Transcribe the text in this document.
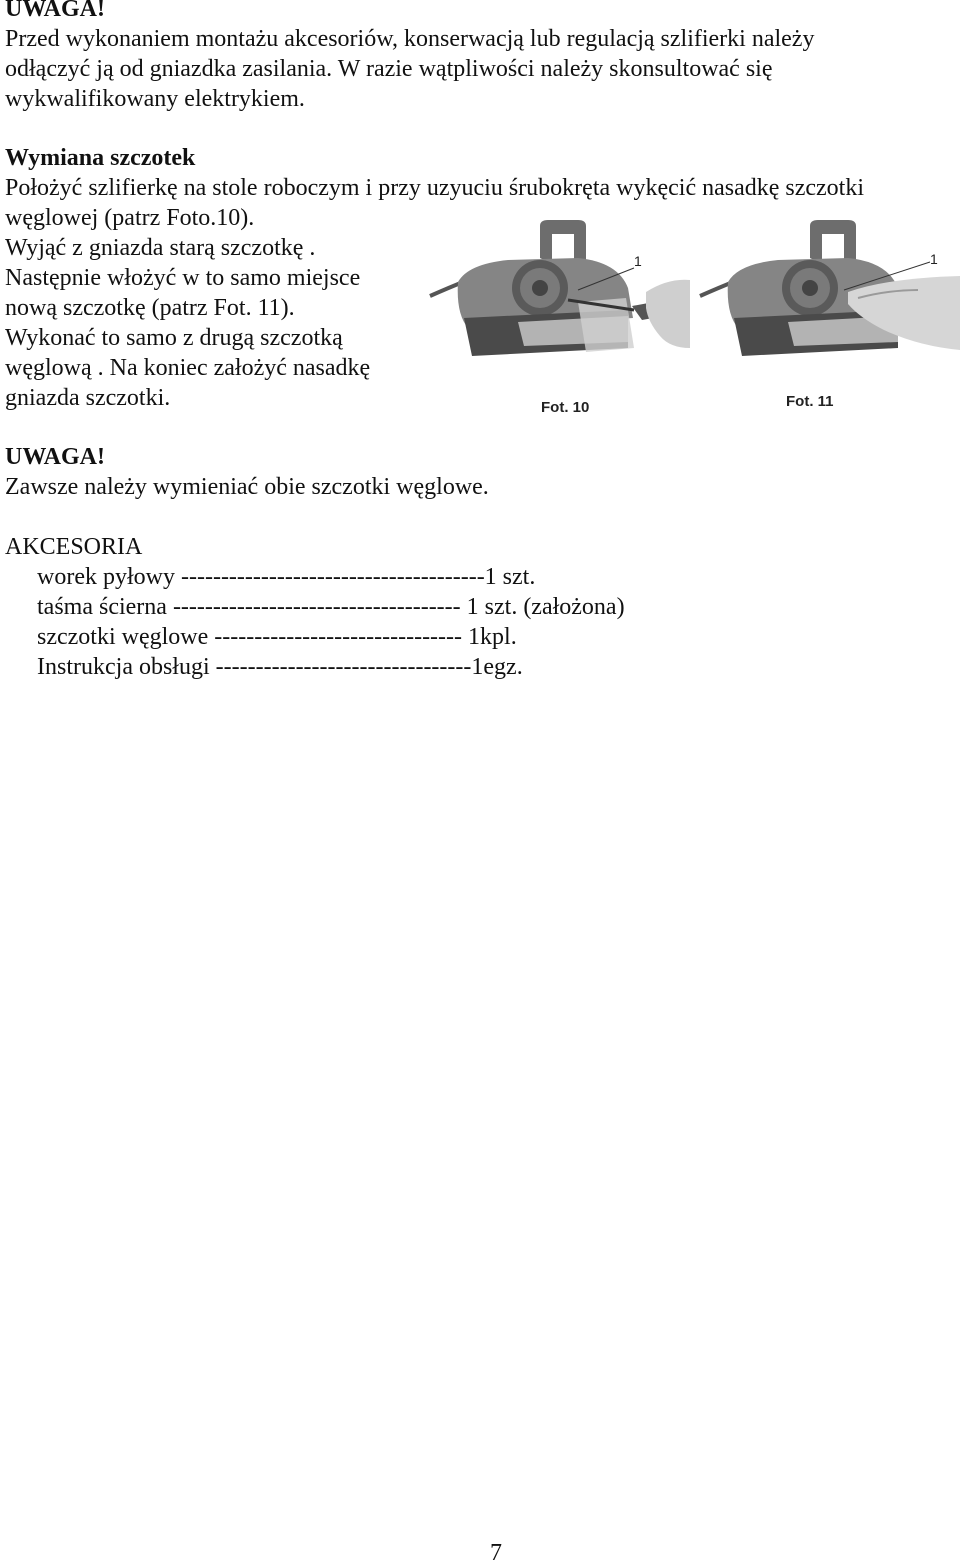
UWAGA!
Przed wykonaniem montażu akcesoriów, konserwacją lub regulacją szlifierki należy
odłączyć ją od gniazdka zasilania. W razie wątpliwości należy skonsultować się
wykwalifikowany elektrykiem.
Wymiana szczotek
Położyć szlifierkę na stole roboczym i przy uzyuciu śrubokręta wykęcić nasadkę szczotki
węglowej (patrz Foto.10).
Wyjąć z gniazda starą szczotkę .
Następnie włożyć w to samo miejsce
nową szczotkę (patrz Fot. 11).
Wykonać to samo z drugą szczotką
węglową . Na koniec założyć nasadkę
gniazda szczotki.
1
Fot. 10
1
Fot. 11
UWAGA!
Zawsze należy wymieniać obie szczotki węglowe.
AKCESORIA
worek pyłowy --------------------------------------1 szt.
taśma ścierna ------------------------------------ 1 szt. (założona)
szczotki węglowe ------------------------------- 1kpl.
Instrukcja obsługi --------------------------------1egz.
7
